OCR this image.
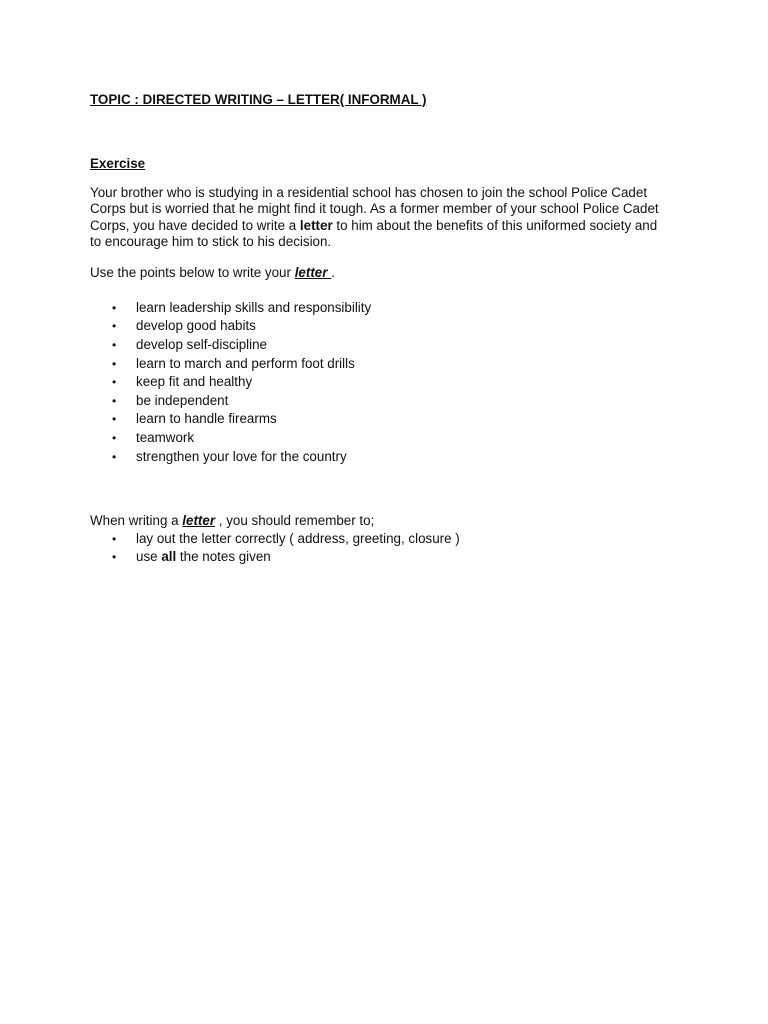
TOPIC : DIRECTED WRITING – LETTER( INFORMAL )

Exercise

Your brother who is studying in a residential school has chosen to join the school Police Cadet
Corps but is worried that he might find it tough. As a former member of your school Police Cadet
Corps, you have decided to write a letter to him about the benefits of this uniformed society and
to encourage him to stick to his decision.

Use the points below to write your letter .

• learn leadership skills and responsibility
• develop good habits
• develop self-discipline
• learn to march and perform foot drills
• keep fit and healthy
• be independent
• learn to handle firearms
• teamwork
• strengthen your love for the country

When writing a letter , you should remember to;

• lay out the letter correctly ( address, greeting, closure )
• use all the notes given
